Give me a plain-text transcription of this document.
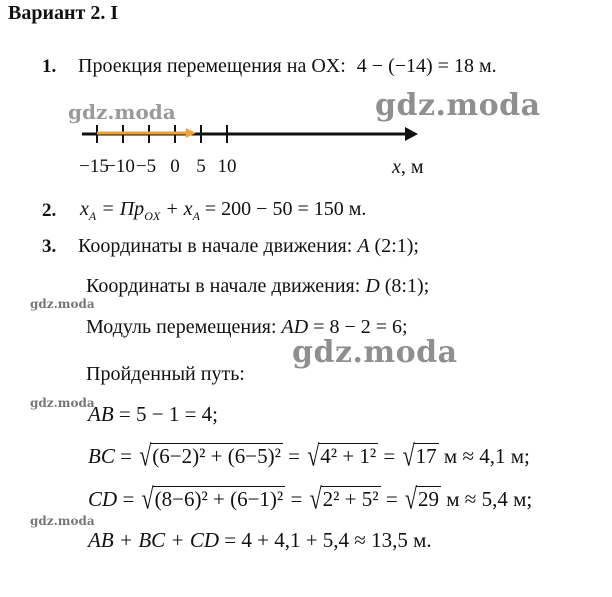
Вариант 2. I
1. Проекция перемещения на OX: 4 − (−14) = 18 м.
gdz.moda	gdz.moda
−15
−10 −5 0 5 10	x, м
2. $x_A = Пр_{OX} + x_A = 200 - 50 = 150$ м.
3. Координаты в начале движения: A (2:1);
Координаты в начале движения: D (8:1);
gdz.moda
Модуль перемещения: AD = 8 − 2 = 6;
gdz.moda
Пройденный путь:
gdz.moda
AB = 5 − 1 = 4;
BC = √(6−2)² + (6−5)² = √4² + 1² = √17 м ≈ 4,1 м;
CD = √(8−6)² + (6−1)² = √2² + 5² = √29 м ≈ 5,4 м;
gdz.moda
AB + BC + CD = 4 + 4,1 + 5,4 ≈ 13,5 м.
